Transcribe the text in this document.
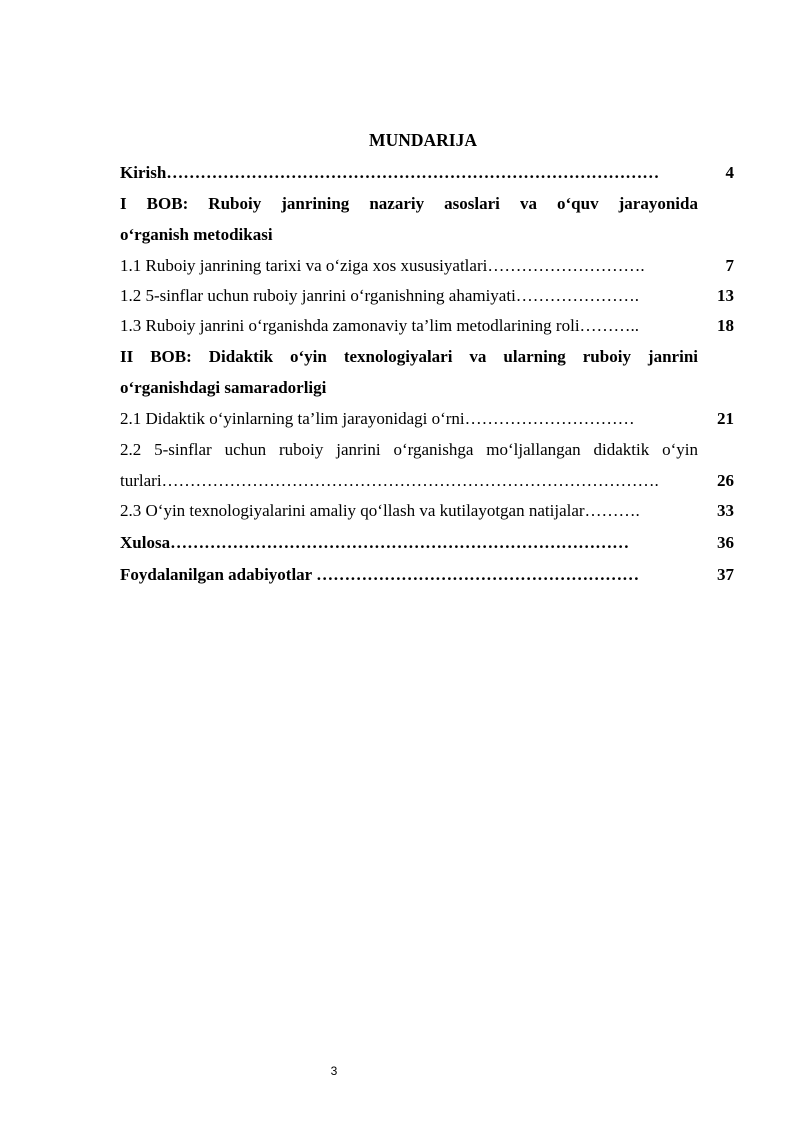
MUNDARIJA
Kirish……………………………………………………………………………	4
I BOB: Ruboiy janrining nazariy asoslari va o‘quv jarayonida
o‘rganish metodikasi
1.1 Ruboiy janrining tarixi va o‘ziga xos xususiyatlari……………………….	7
1.2 5-sinflar uchun ruboiy janrini o‘rganishning ahamiyati………………….	13
1.3 Ruboiy janrini o‘rganishda zamonaviy ta’lim metodlarining roli………..	18
II BOB: Didaktik o‘yin texnologiyalari va ularning ruboiy janrini
o‘rganishdagi samaradorligi
2.1 Didaktik o‘yinlarning ta’lim jarayonidagi o‘rni…………………………	21
2.2 5-sinflar uchun ruboiy janrini o‘rganishga mo‘ljallangan didaktik o‘yin
turlari…………………………………………………………………………….	26
2.3 O‘yin texnologiyalarini amaliy qo‘llash va kutilayotgan natijalar……….	33
Xulosa………………………………………………………………………	36
Foydalanilgan adabiyotlar …………………………………………………	37
3
